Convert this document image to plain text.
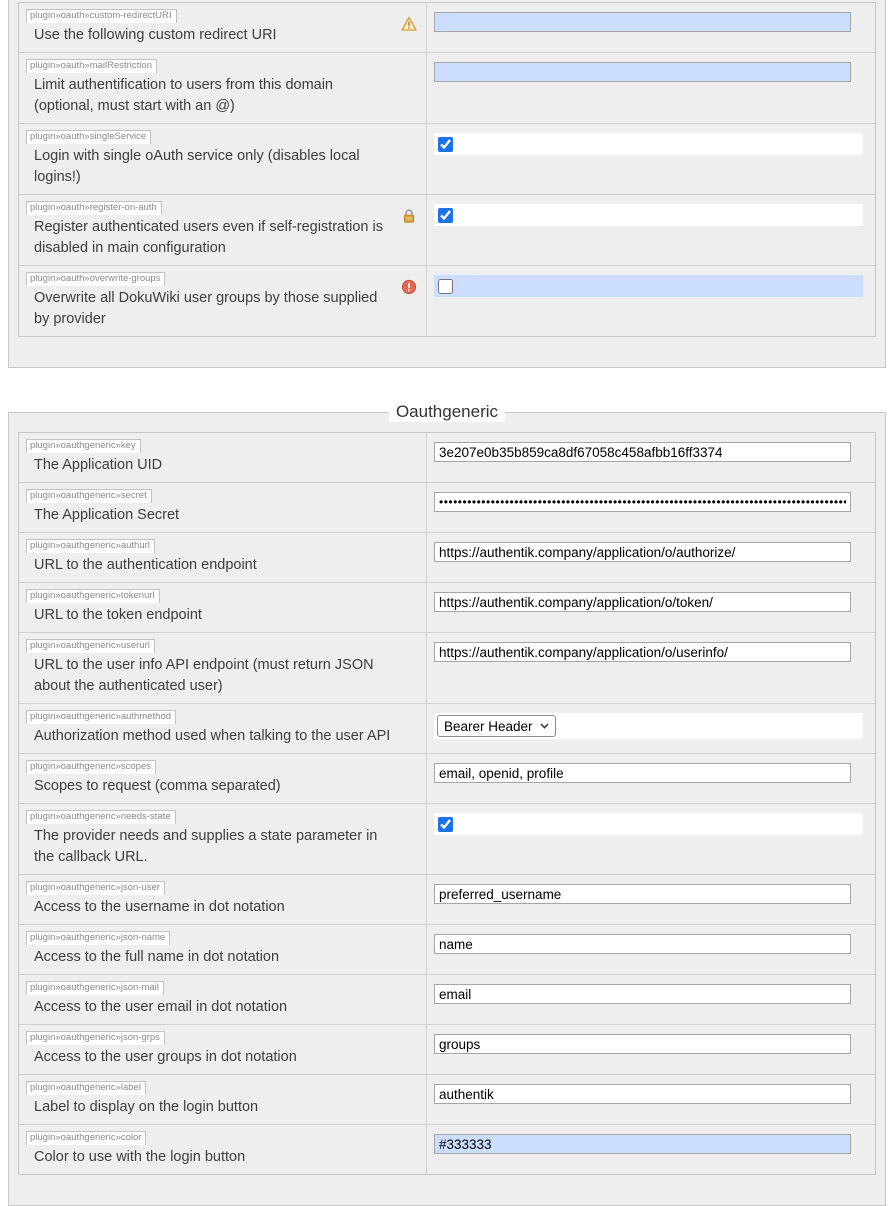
plugin»oauth»custom-redirectURI
Use the following custom redirect URI
plugin»oauth»mailRestriction
Limit authentification to users from this domain (optional, must start with an @)
plugin»oauth»singleService
Login with single oAuth service only (disables local logins!)
plugin»oauth»register-on-auth
Register authenticated users even if self-registration is disabled in main configuration
plugin»oauth»overwrite-groups
Overwrite all DokuWiki user groups by those supplied by provider
Oauthgeneric
plugin»oauthgeneric»key
The Application UID
3e207e0b35b859ca8df67058c458afbb16ff3374
plugin»oauthgeneric»secret
The Application Secret
••••••••••••••••••••••••••••••••••••••••••••••••••••••••••••••••••••••••••••••••••••••••••••••••••••••••••
plugin»oauthgeneric»authurl
URL to the authentication endpoint
https://authentik.company/application/o/authorize/
plugin»oauthgeneric»tokenurl
URL to the token endpoint
https://authentik.company/application/o/token/
plugin»oauthgeneric»userurl
URL to the user info API endpoint (must return JSON about the authenticated user)
https://authentik.company/application/o/userinfo/
plugin»oauthgeneric»authmethod
Authorization method used when talking to the user API
Bearer Header
plugin»oauthgeneric»scopes
Scopes to request (comma separated)
email, openid, profile
plugin»oauthgeneric»needs-state
The provider needs and supplies a state parameter in the callback URL.
plugin»oauthgeneric»json-user
Access to the username in dot notation
preferred_username
plugin»oauthgeneric»json-name
Access to the full name in dot notation
name
plugin»oauthgeneric»json-mail
Access to the user email in dot notation
email
plugin»oauthgeneric»json-grps
Access to the user groups in dot notation
groups
plugin»oauthgeneric»label
Label to display on the login button
authentik
plugin»oauthgeneric»color
Color to use with the login button
#333333
